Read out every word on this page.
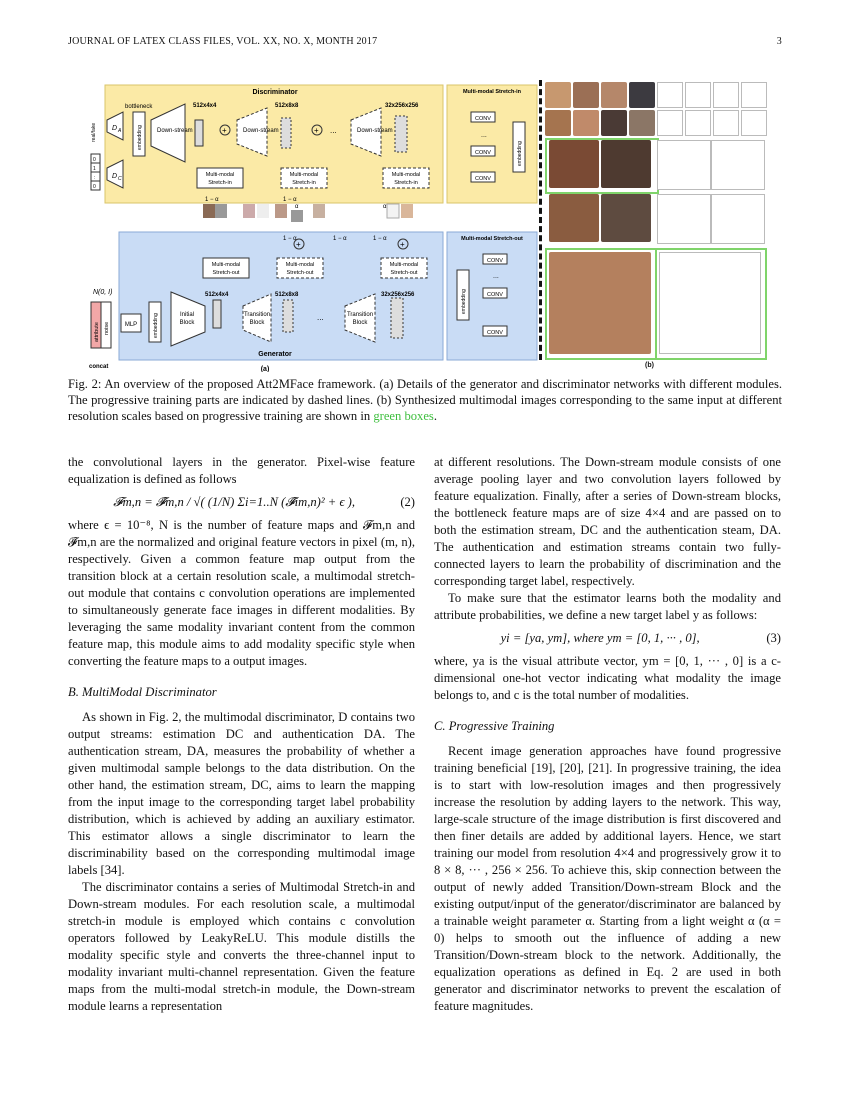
JOURNAL OF LATEX CLASS FILES, VOL. XX, NO. X, MONTH 2017	3
Discriminator
bottleneck
D A
D C
real/fake
0
1
:
0
embedding Down-stream
512x4x4
+	Down-stream
512x8x8
+ ...	Down-stream
32x256x256
Multi-modal
Stretch-in
Multi-modal
Stretch-in
Multi-modal
Stretch-in
1 − α	1 − α
α	α
Generator
1 − α	1 − α	1 − α
+	+
Multi-modal
Stretch-out
Multi-modal
Stretch-out
Multi-modal
Stretch-out
N(0, I)
attribute noise
concat
MLP	embedding	Initial
Block
512x4x4
Transition
Block
512x8x8
...	Transition
Block
32x256x256
(a)
Multi-modal Stretch-in
CONV
...
CONV
CONV
embedding
Multi-modal Stretch-out
embedding
CONV
...
CONV
CONV
(b)
Fig. 2: An overview of the proposed Att2MFace framework. (a) Details of the generator and discriminator networks with different modules. The progressive training parts are indicated by dashed lines. (b) Synthesized multimodal images corresponding to the same input at different resolution scales based on progressive training are shown in green boxes.

the convolutional layers in the generator. Pixel-wise feature equalization is defined as follows

𝓕m,n = 𝓕̃m,n / √( (1/N) Σi=1..N (𝓕̃im,n)² + ϵ ),	(2)

where ϵ = 10⁻⁸, N is the number of feature maps and 𝓕m,n and 𝓕̃m,n are the normalized and original feature vectors in pixel (m, n), respectively. Given a common feature map output from the transition block at a certain resolution scale, a multimodal stretch-out module that contains c convolution operations are implemented to simultaneously generate face images in different modalities. By leveraging the same modality invariant content from the common feature map, this module aims to add modality specific style when converting the feature maps to a output images.

B. MultiModal Discriminator

As shown in Fig. 2, the multimodal discriminator, D contains two output streams: estimation DC and authentication DA. The authentication stream, DA, measures the probability of whether a given multimodal sample belongs to the data distribution. On the other hand, the estimation stream, DC, aims to learn the mapping from the input image to the corresponding target label probability distribution, which is achieved by adding an auxiliary estimator. This estimator allows a single discriminator to learn the discriminability based on the corresponding multimodal image labels [34].

The discriminator contains a series of Multimodal Stretch-in and Down-stream modules. For each resolution scale, a multimodal stretch-in module is employed which contains c convolution operators followed by LeakyReLU. This module distills the modality specific style and converts the three-channel input to modality invariant multi-channel representation. Given the feature maps from the multi-modal stretch-in module, the Down-stream module learns a representation

at different resolutions. The Down-stream module consists of one average pooling layer and two convolution layers followed by feature equalization. Finally, after a series of Down-stream blocks, the bottleneck feature maps are of size 4×4 and are passed on to both the estimation stream, DC and the authentication steam, DA. The authentication and estimation streams contain two fully-connected layers to learn the probability of discrimination and the corresponding target label, respectively.

To make sure that the estimator learns both the modality and attribute probabilities, we define a new target label y as follows:

yi = [ya, ym], where ym = [0, 1, ··· , 0],	(3)

where, ya is the visual attribute vector, ym = [0, 1, ··· , 0] is a c-dimensional one-hot vector indicating what modality the image belongs to, and c is the total number of modalities.

C. Progressive Training

Recent image generation approaches have found progressive training beneficial [19], [20], [21]. In progressive training, the idea is to start with low-resolution images and then progressively increase the resolution by adding layers to the network. This way, large-scale structure of the image distribution is first discovered and then finer details are added by additional layers. Hence, we start training our model from resolution 4×4 and progressively grow it to 8 × 8, ··· , 256 × 256. To achieve this, skip connection between the output of newly added Transition/Down-stream Block and the existing output/input of the generator/discriminator are balanced by a trainable weight parameter α. Starting from a light weight α (α = 0) helps to smooth out the influence of adding a new Transition/Down-stream block to the network. Additionally, the equalization operations as defined in Eq. 2 are used in both generator and discriminator networks to prevent the escalation of feature magnitudes.
